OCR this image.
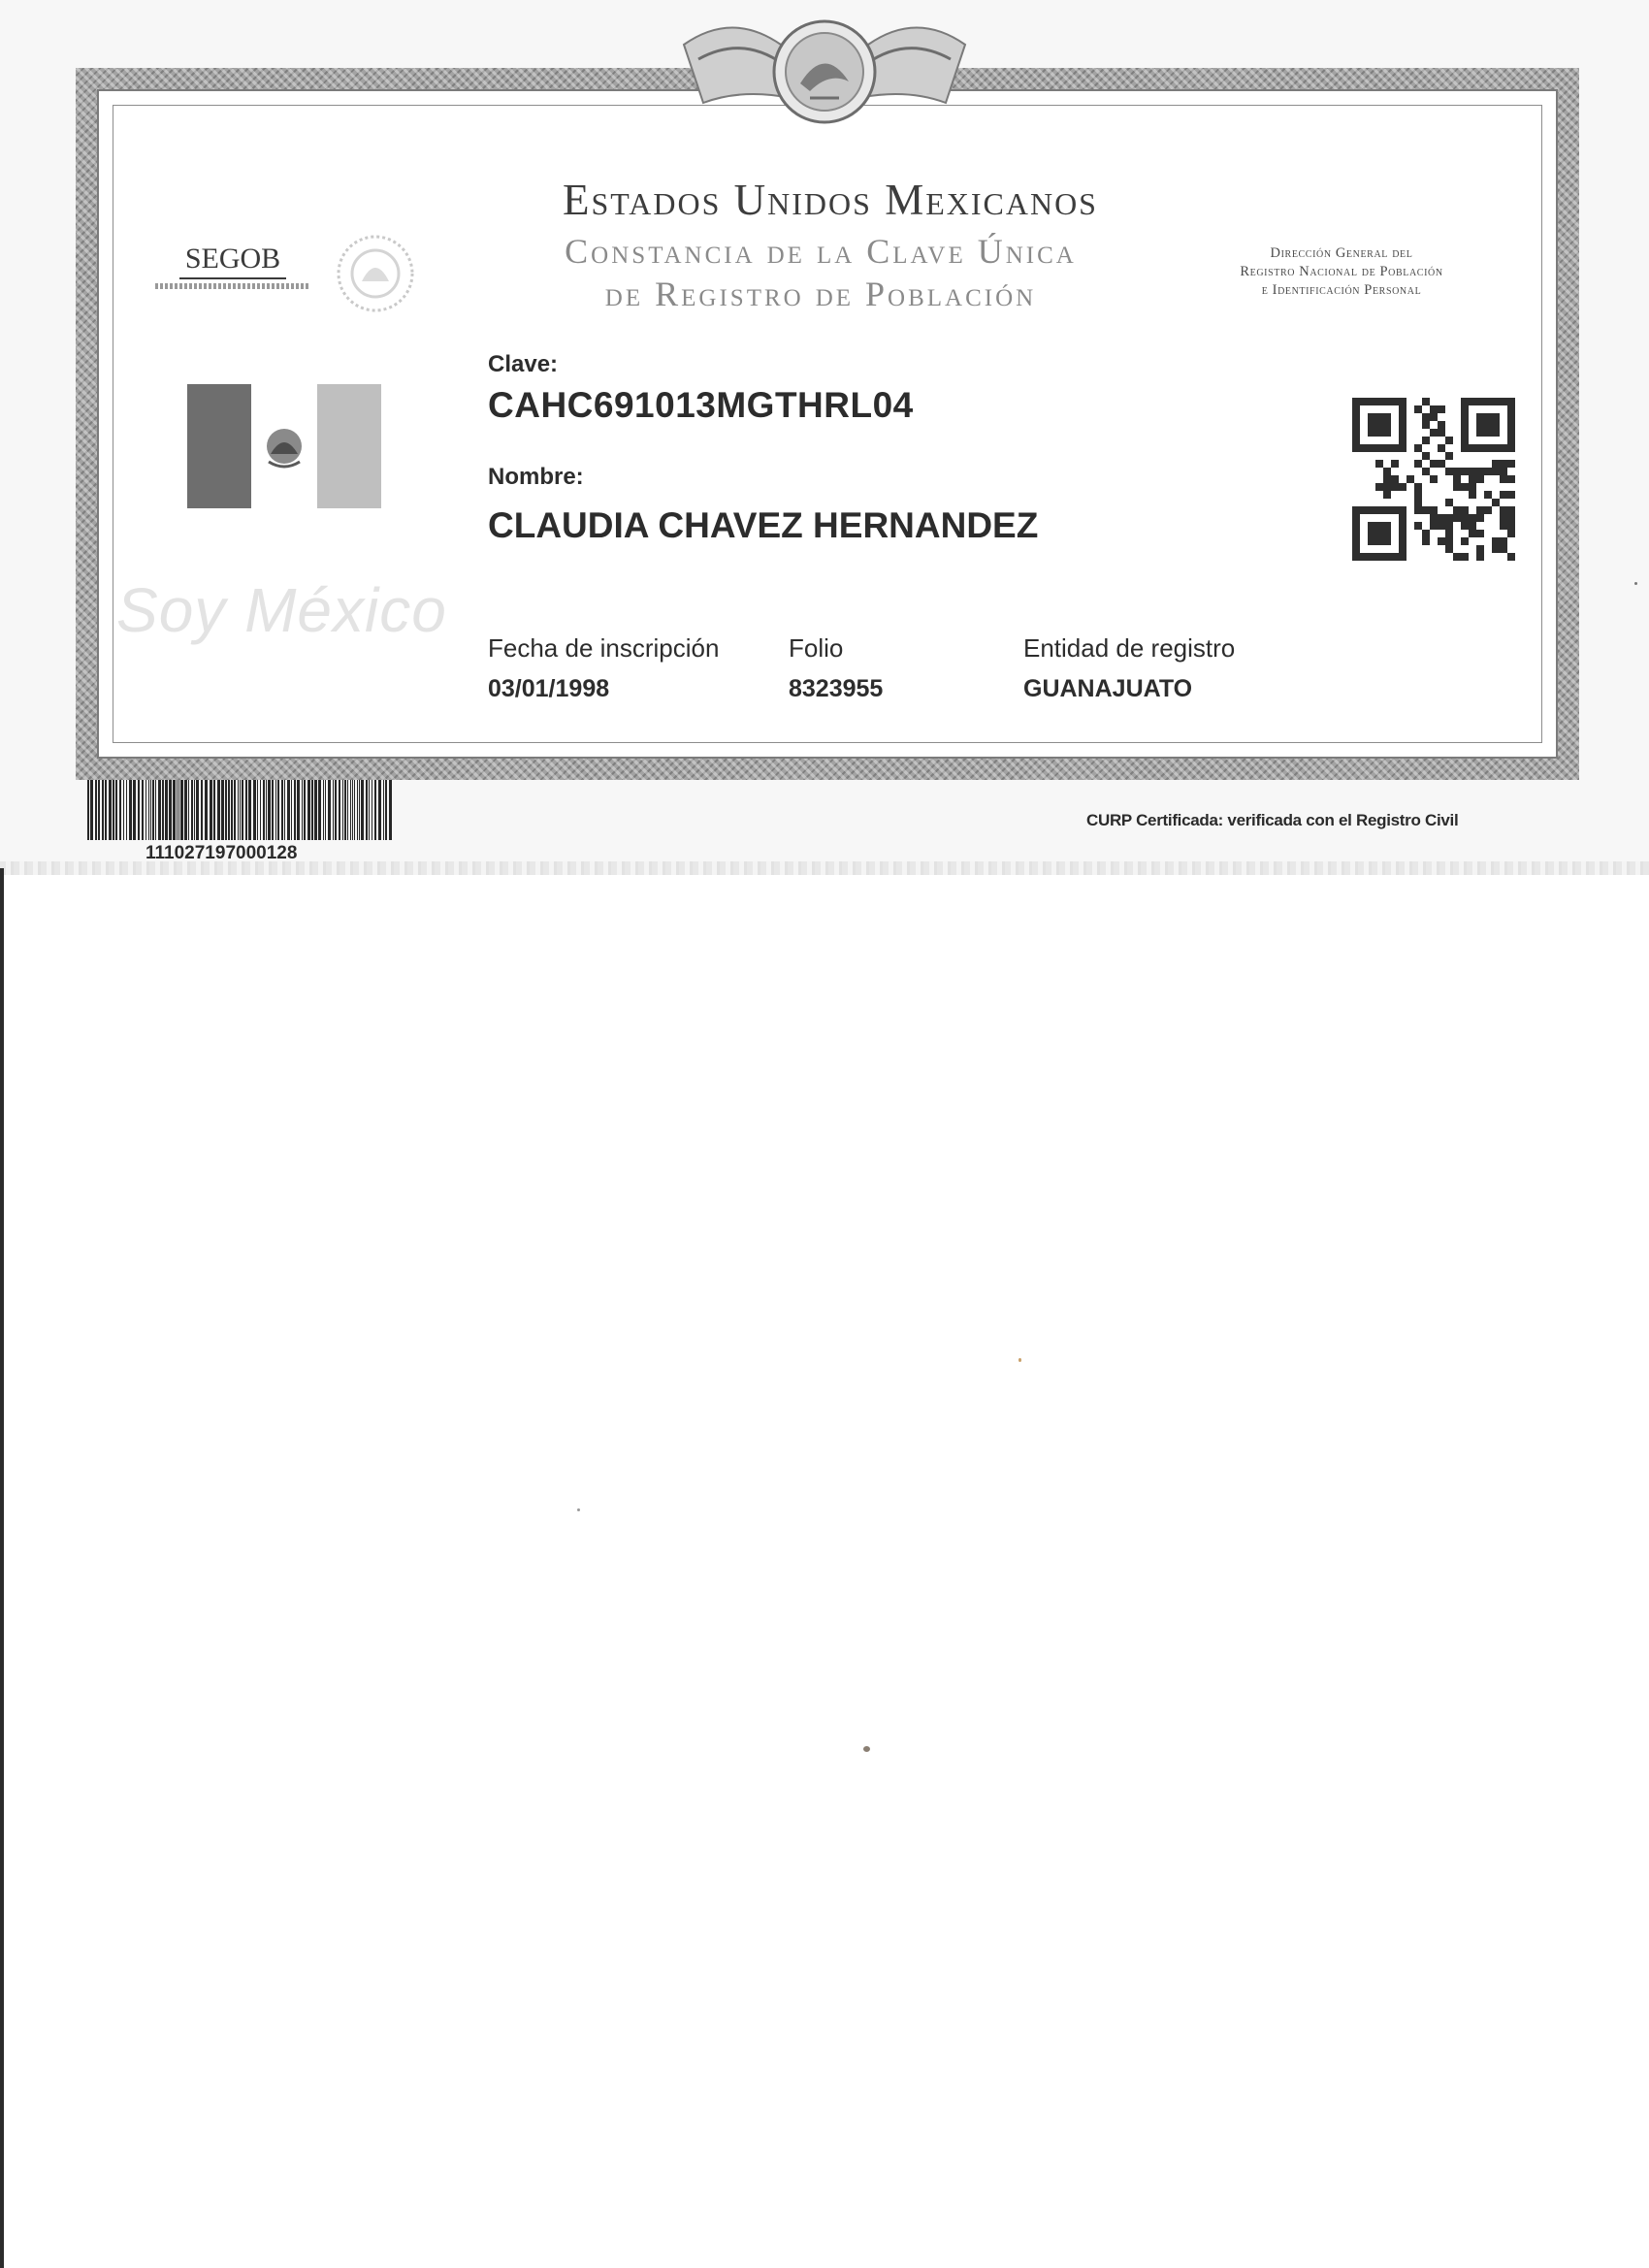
Estados Unidos Mexicanos
Constancia de la Clave Única
de Registro de Población
SEGOB	Dirección General del
Registro Nacional de Población
e Identificación Personal
Soy México
Clave:
CAHC691013MGTHRL04
Nombre:
CLAUDIA CHAVEZ HERNANDEZ
Fecha de inscripción
03/01/1998
Folio
8323955
Entidad de registro
GUANAJUATO
111027197000128
CURP Certificada: verificada con el Registro Civil
